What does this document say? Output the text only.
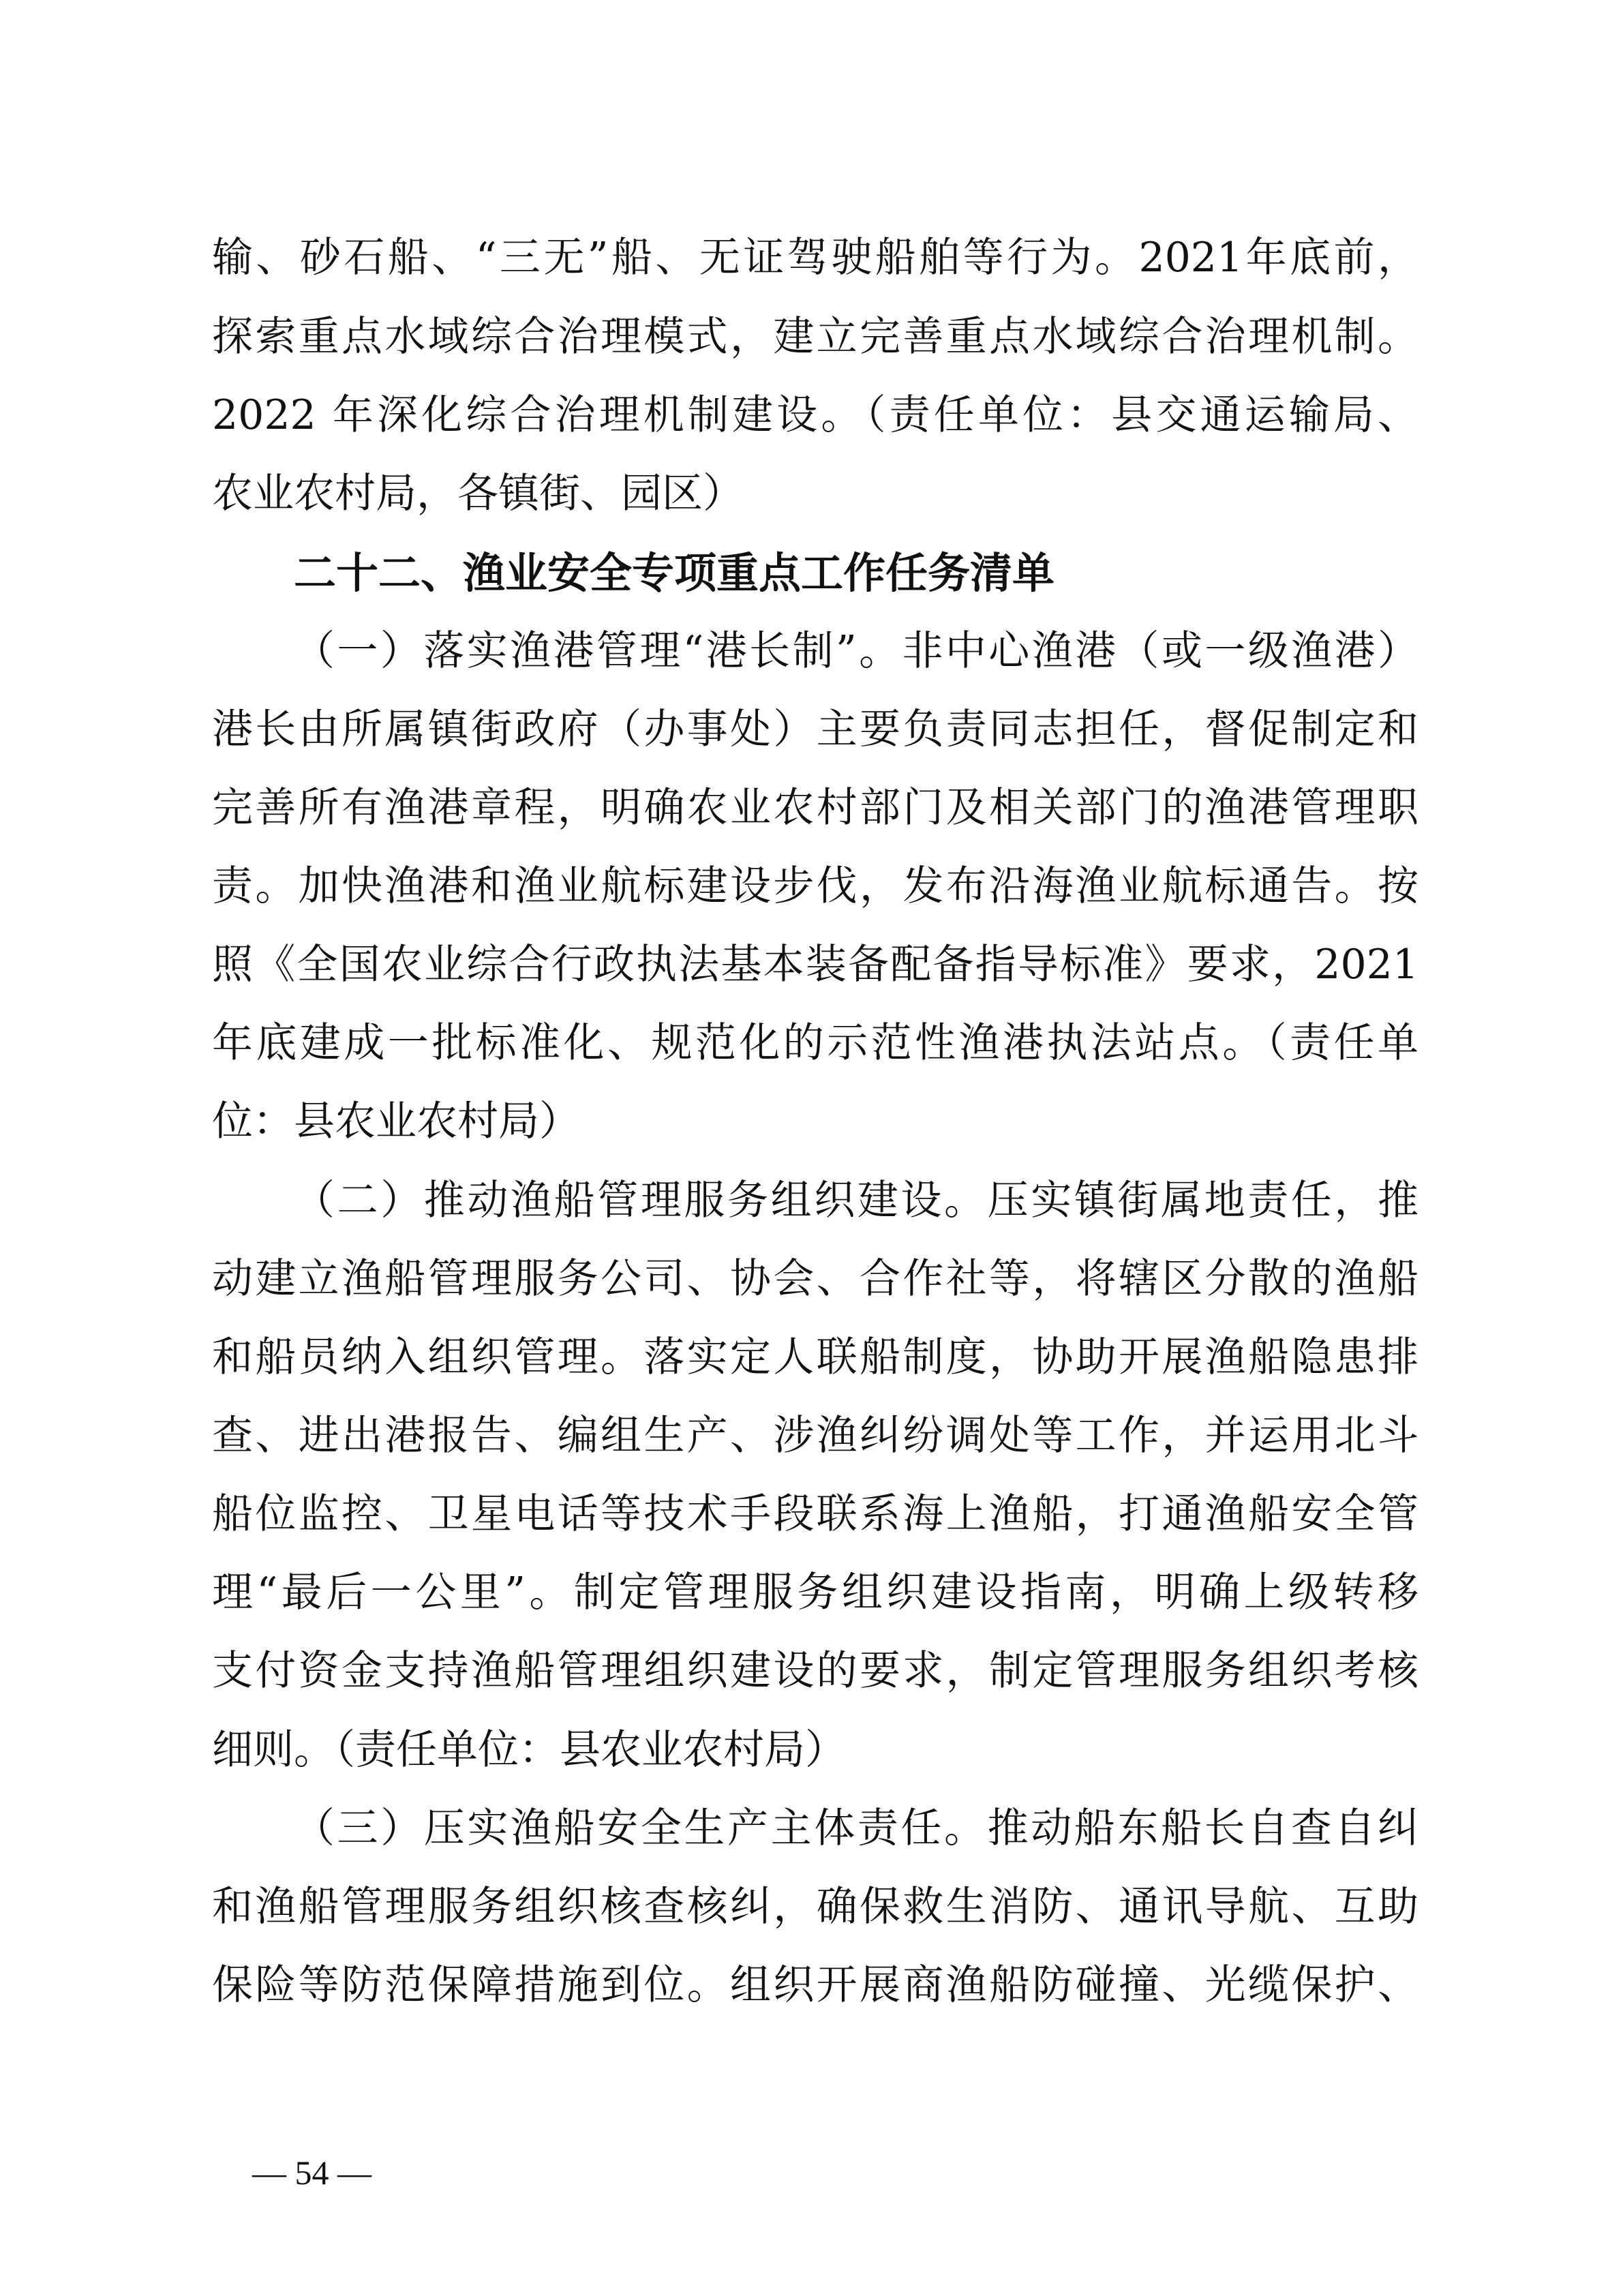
输、砂石船、“三无”船、无证驾驶船舶等行为。2021年底前，
探索重点水域综合治理模式，建立完善重点水域综合治理机制。
2022 年深化综合治理机制建设。（责任单位：县交通运输局、
农业农村局，各镇街、园区）
二十二、渔业安全专项重点工作任务清单
（一）落实渔港管理“港长制”。非中心渔港（或一级渔港）
港长由所属镇街政府（办事处）主要负责同志担任，督促制定和
完善所有渔港章程，明确农业农村部门及相关部门的渔港管理职
责。加快渔港和渔业航标建设步伐，发布沿海渔业航标通告。按
照《全国农业综合行政执法基本装备配备指导标准》要求，2021
年底建成一批标准化、规范化的示范性渔港执法站点。（责任单
位：县农业农村局）
（二）推动渔船管理服务组织建设。压实镇街属地责任，推
动建立渔船管理服务公司、协会、合作社等，将辖区分散的渔船
和船员纳入组织管理。落实定人联船制度，协助开展渔船隐患排
查、进出港报告、编组生产、涉渔纠纷调处等工作，并运用北斗
船位监控、卫星电话等技术手段联系海上渔船，打通渔船安全管
理“最后一公里”。制定管理服务组织建设指南，明确上级转移
支付资金支持渔船管理组织建设的要求，制定管理服务组织考核
细则。（责任单位：县农业农村局）
（三）压实渔船安全生产主体责任。推动船东船长自查自纠
和渔船管理服务组织核查核纠，确保救生消防、通讯导航、互助
保险等防范保障措施到位。组织开展商渔船防碰撞、光缆保护、
— 54 —
